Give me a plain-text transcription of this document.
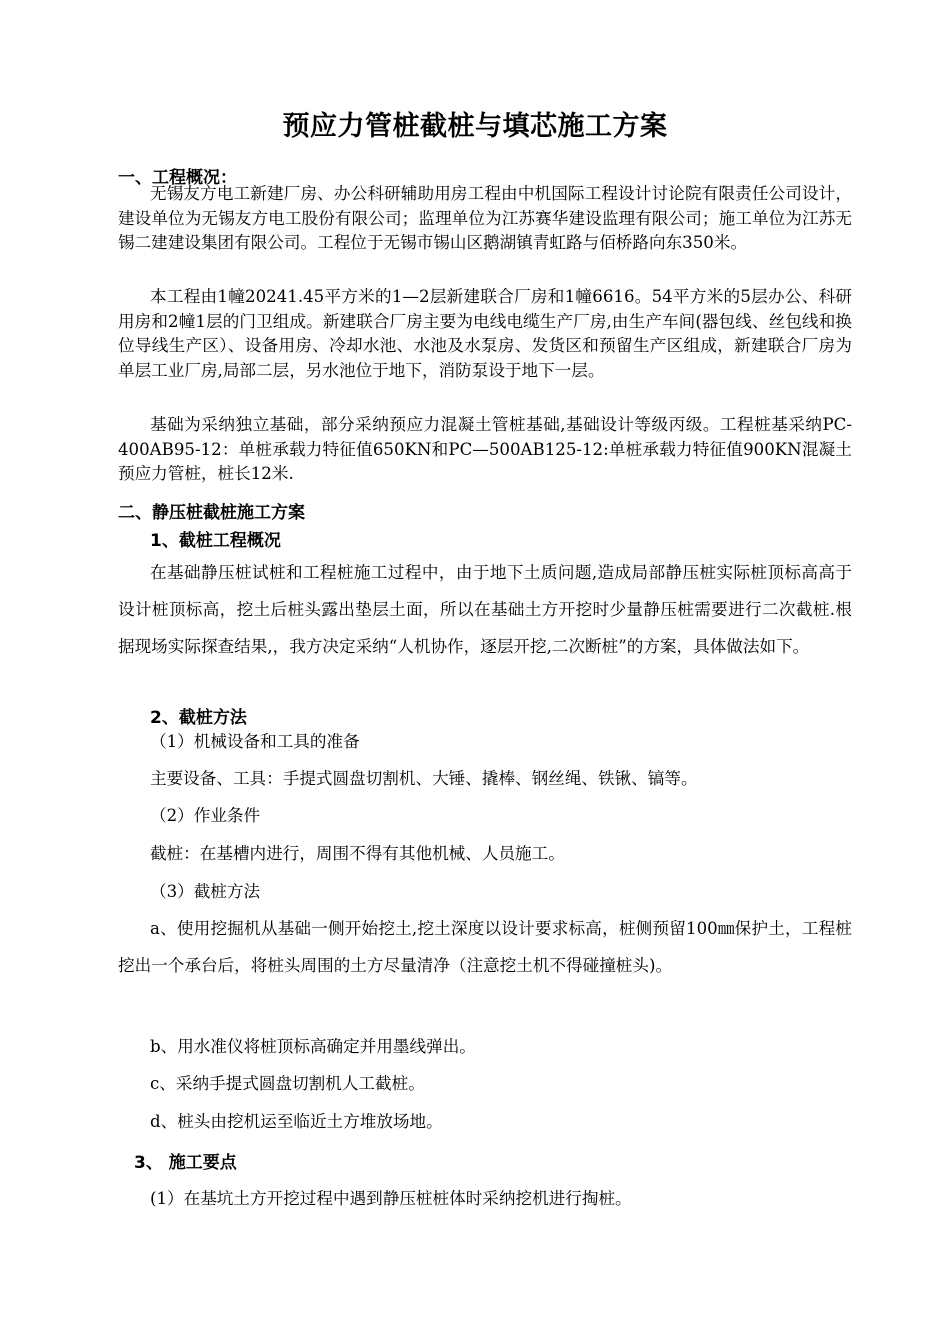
预应力管桩截桩与填芯施工方案
一、工程概况：

无锡友方电工新建厂房、办公科研辅助用房工程由中机国际工程设计讨论院有限责任公司设计，建设单位为无锡友方电工股份有限公司；监理单位为江苏赛华建设监理有限公司；施工单位为江苏无锡二建建设集团有限公司。工程位于无锡市锡山区鹅湖镇青虹路与佰桥路向东350米。

本工程由1幢20241.45平方米的1—2层新建联合厂房和1幢6616。54平方米的5层办公、科研用房和2幢1层的门卫组成。新建联合厂房主要为电线电缆生产厂房,由生产车间(器包线、丝包线和换位导线生产区）、设备用房、冷却水池、水池及水泵房、发货区和预留生产区组成，新建联合厂房为单层工业厂房,局部二层，另水池位于地下，消防泵设于地下一层。

基础为采纳独立基础，部分采纳预应力混凝土管桩基础,基础设计等级丙级。工程桩基采纳PC-400AB95-12：单桩承载力特征值650KN和PC—500AB125-12:单桩承载力特征值900KN混凝土预应力管桩，桩长12米.

二、静压桩截桩施工方案
1、截桩工程概况

在基础静压桩试桩和工程桩施工过程中，由于地下土质问题,造成局部静压桩实际桩顶标高高于设计桩顶标高，挖土后桩头露出垫层土面，所以在基础土方开挖时少量静压桩需要进行二次截桩.根据现场实际探查结果,，我方决定采纳“人机协作，逐层开挖,二次断桩”的方案，具体做法如下。

2、截桩方法
（1）机械设备和工具的准备
主要设备、工具：手提式圆盘切割机、大锤、撬棒、钢丝绳、铁锹、镐等。
（2）作业条件
截桩：在基槽内进行，周围不得有其他机械、人员施工。
（3）截桩方法

a、使用挖掘机从基础一侧开始挖土,挖土深度以设计要求标高，桩侧预留100㎜保护土，工程桩挖出一个承台后，将桩头周围的土方尽量清净（注意挖土机不得碰撞桩头)。

b、用水准仪将桩顶标高确定并用墨线弹出。
c、采纳手提式圆盘切割机人工截桩。
d、桩头由挖机运至临近土方堆放场地。
3、 施工要点
(1）在基坑土方开挖过程中遇到静压桩桩体时采纳挖机进行掏桩。
